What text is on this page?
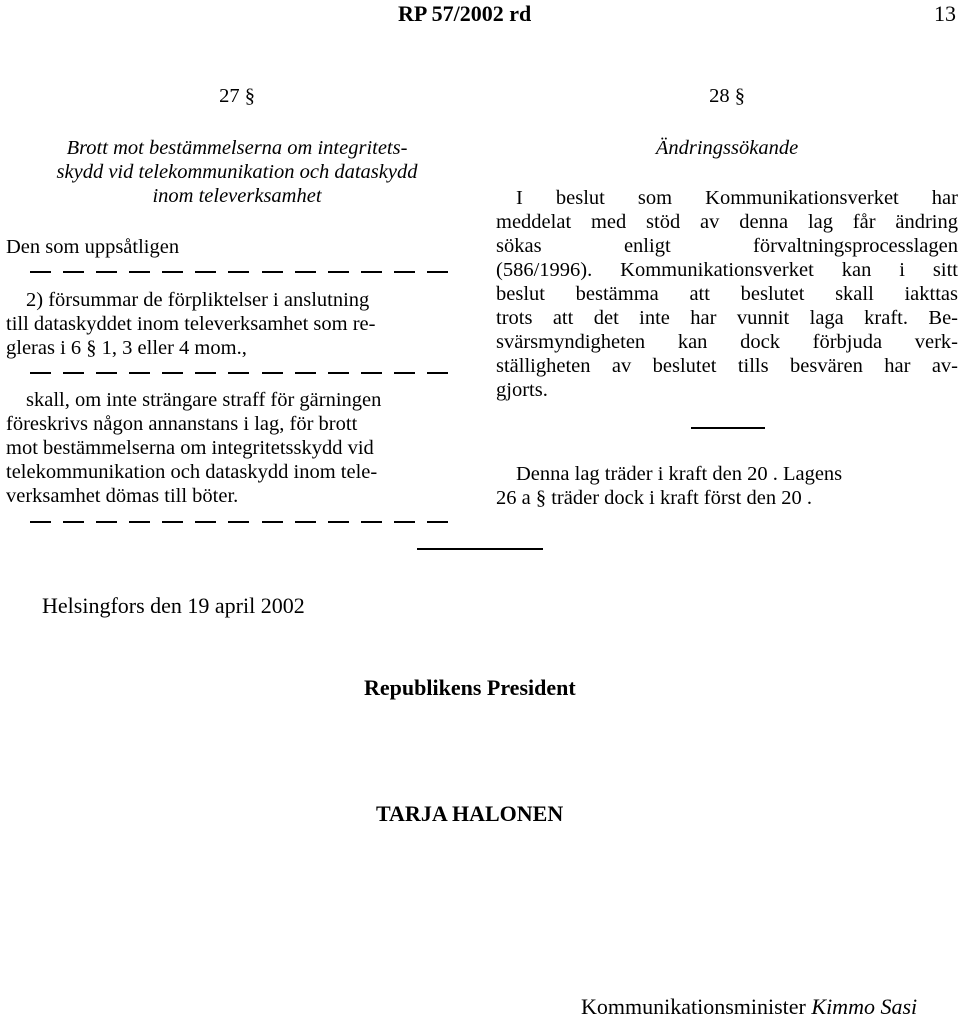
RP 57/2002 rd	13
27 §
Brott mot bestämmelserna om integritets-
skydd vid telekommunikation och dataskydd
inom televerksamhet
Den som uppsåtligen
2) försummar de förpliktelser i anslutning
till dataskyddet inom televerksamhet som re-
gleras i 6 § 1, 3 eller 4 mom.,
skall, om inte strängare straff för gärningen
föreskrivs någon annanstans i lag, för brott
mot bestämmelserna om integritetsskydd vid
telekommunikation och dataskydd inom tele-
verksamhet dömas till böter.
28 §
Ändringssökande
I beslut som Kommunikationsverket har
meddelat med stöd av denna lag får ändring
sökas enligt förvaltningsprocesslagen
(586/1996). Kommunikationsverket kan i sitt
beslut bestämma att beslutet skall iakttas
trots att det inte har vunnit laga kraft. Be-
svärsmyndigheten kan dock förbjuda verk-
ställigheten av beslutet tills besvären har av-
gjorts.
Denna lag träder i kraft den 20 . Lagens
26 a § träder dock i kraft först den 20 .
Helsingfors den 19 april 2002
Republikens President
TARJA HALONEN
Kommunikationsminister Kimmo Sasi
